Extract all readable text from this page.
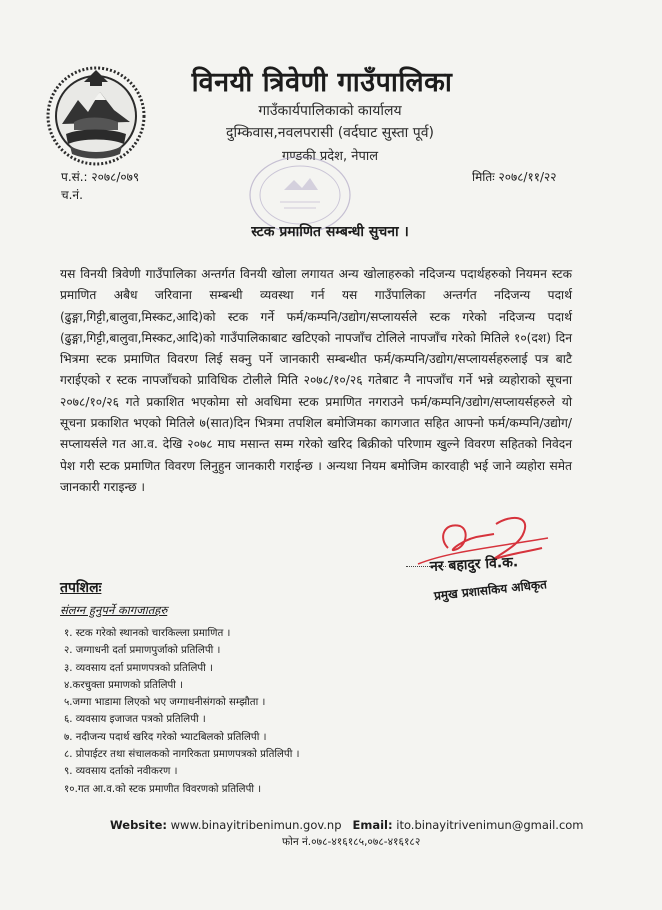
विनयी त्रिवेणी गाउँपालिका
गाउँकार्यपालिकाको कार्यालय
दुम्किवास,नवलपरासी (वर्दघाट सुस्ता पूर्व)
गण्डकी प्रदेश, नेपाल
प.सं.: २०७८/०७९
च.नं.
मितिः २०७८/११/२२
स्टक प्रमाणित सम्बन्धी सुचना ।

यस विनयी त्रिवेणी गाउँपालिका अन्तर्गत विनयी खोला लगायत अन्य खोलाहरुको नदिजन्य पदार्थहरुको नियमन स्टक प्रमाणित अबैध जरिवाना सम्बन्धी व्यवस्था गर्न यस गाउँपालिका अन्तर्गत नदिजन्य पदार्थ (ढुङ्गा,गिट्टी,बालुवा,मिस्कट,आदि)को स्टक गर्ने फर्म/कम्पनि/उद्योग/सप्लायर्सले स्टक गरेको नदिजन्य पदार्थ (ढुङ्गा,गिट्टी,बालुवा,मिस्कट,आदि)को गाउँपालिकाबाट खटिएको नापजाँच टोलिले नापजाँच गरेको मितिले १०(दश) दिन भित्रमा स्टक प्रमाणित विवरण लिई सक्नु पर्ने जानकारी सम्बन्धीत फर्म/कम्पनि/उद्योग/सप्लायर्सहरुलाई पत्र बाटै गराईएको र स्टक नापजाँचको प्राविधिक टोलीले मिति २०७८/१०/२६ गतेबाट नै नापजाँच गर्ने भन्ने व्यहोराको सूचना २०७८/१०/२६ गते प्रकाशित भएकोमा सो अवधिमा स्टक प्रमाणित नगराउने फर्म/कम्पनि/उद्योग/सप्लायर्सहरुले यो सूचना प्रकाशित भएको मितिले ७(सात)दिन भित्रमा तपशिल बमोजिमका कागजात सहित आफ्नो फर्म/कम्पनि/उद्योग/सप्लायर्सले गत आ.व. देखि २०७८ माघ मसान्त सम्म गरेको खरिद बिक्रीको परिणाम खुल्ने विवरण सहितको निवेदन पेश गरी स्टक प्रमाणित विवरण लिनुहुन जानकारी गराईन्छ । अन्यथा नियम बमोजिम कारवाही भई जाने व्यहोरा समेत जानकारी गराइन्छ ।

नर बहादुर वि.क.
प्रमुख प्रशासकिय अधिकृत
तपशिलः
संलग्न हुनुपर्ने कागजातहरु
१. स्टक गरेको स्थानको चारकिल्ला प्रमाणित ।
२. जग्गाधनी दर्ता प्रमाणपुर्जाको प्रतिलिपी ।
३. व्यवसाय दर्ता प्रमाणपत्रको प्रतिलिपी ।
४.करचुक्ता प्रमाणको प्रतिलिपी ।
५.जग्गा भाडामा लिएको भए जग्गाधनीसंगको सम्झौता ।
६. व्यवसाय इजाजत पत्रको प्रतिलिपी ।
७. नदीजन्य पदार्थ खरिद गरेको भ्याटबिलको प्रतिलिपी ।
८. प्रोपाईटर तथा संचालकको नागरिकता प्रमाणपत्रको प्रतिलिपी ।
९. व्यवसाय दर्ताको नवीकरण ।
१०.गत आ.व.को स्टक प्रमाणीत विवरणको प्रतिलिपी ।
Website: www.binayitribenimun.gov.np Email: ito.binayitrivenimun@gmail.com
फोन नं.०७८-४१६१८५,०७८-४१६१८२
